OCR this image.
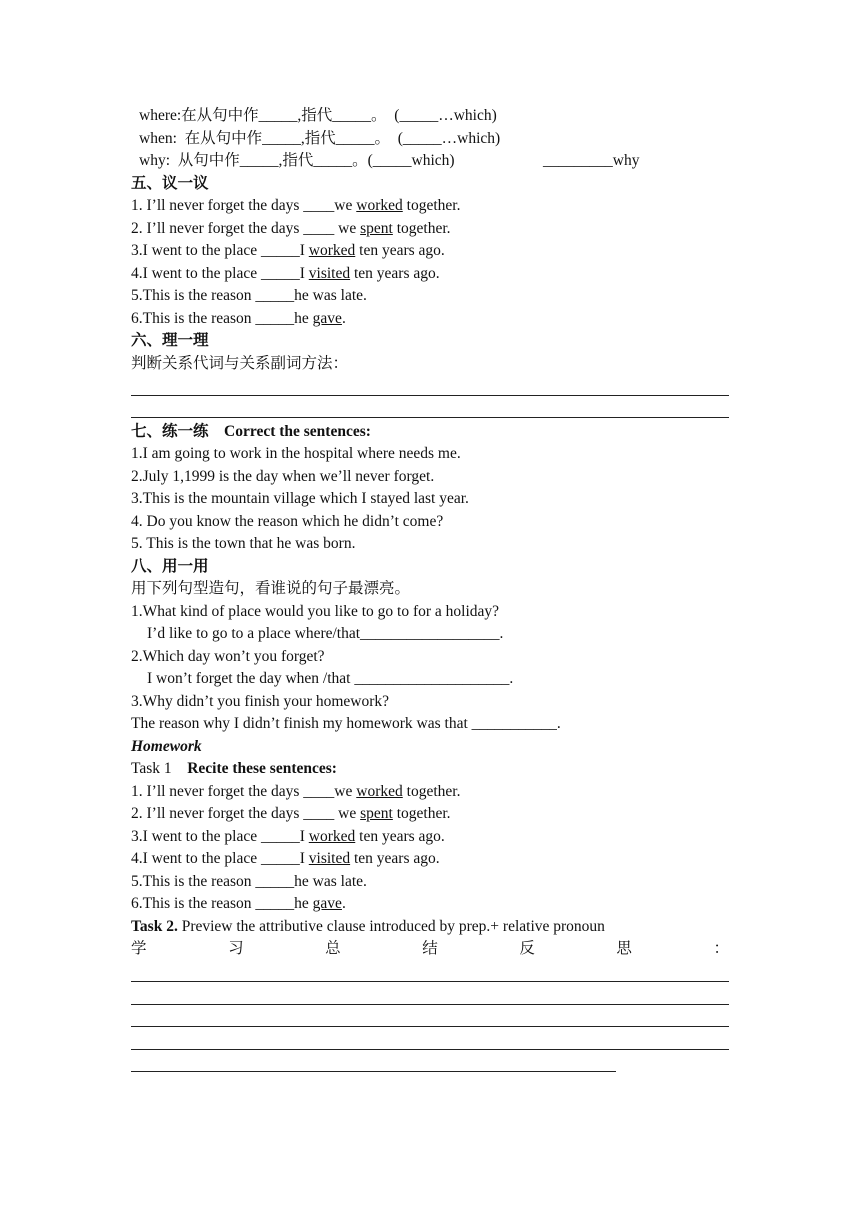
where:在从句中作_____,指代_____。  (_____…which)
when:  在从句中作_____,指代_____。  (_____…which)
why:  从句中作_____,指代_____。(_____which)	_________why
五、议一议
1. I’ll never forget the days ____we worked together.
2. I’ll never forget the days ____ we spent together.
3.I went to the place _____I worked ten years ago.
4.I went to the place _____I visited ten years ago.
5.This is the reason _____he was late.
6.This is the reason _____he gave.
六、理一理
判断关系代词与关系副词方法：
七、练一练 Correct the sentences:
1.I am going to work in the hospital where needs me.
2.July 1,1999 is the day when we’ll never forget.
3.This is the mountain village which I stayed last year.
4. Do you know the reason which he didn’t come?
5. This is the town that he was born.
八、用一用
用下列句型造句，看谁说的句子最漂亮。
1.What kind of place would you like to go to for a holiday?
I’d like to go to a place where/that__________________.
2.Which day won’t you forget?
I won’t forget the day when /that ____________________.
3.Why didn’t you finish your homework?
The reason why I didn’t finish my homework was that ___________.
Homework
Task 1 Recite these sentences:
1. I’ll never forget the days ____we worked together.
2. I’ll never forget the days ____ we spent together.
3.I went to the place _____I worked ten years ago.
4.I went to the place _____I visited ten years ago.
5.This is the reason _____he was late.
6.This is the reason _____he gave.
Task 2. Preview the attributive clause introduced by prep.+ relative pronoun
学	习	总	结	反	思	：
